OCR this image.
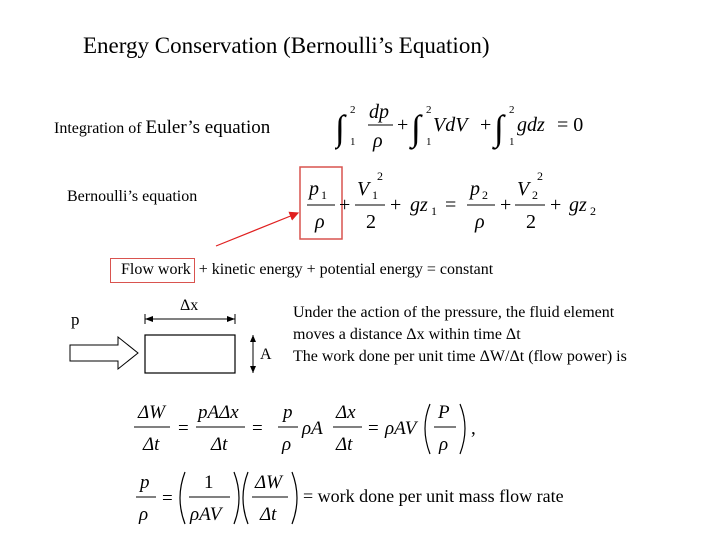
Energy Conservation (Bernoulli’s Equation)
Integration of Euler’s equation ∫ 2
1
dp
ρ
+ ∫ 2
1
VdV + ∫ 2
1
gdz = 0
Bernoulli’s equation	p 1
ρ
+
V 1
2
2
+ gz 1 =
p 2
ρ
+
V 2
2
2
+ gz 2
Flow work + kinetic energy + potential energy = constant
p
Δx
A
Under the action of the pressure, the fluid element
moves a distance Δx within time Δt
The work done per unit time ΔW/Δt (flow power) is
ΔW
Δt
=
pAΔx
Δt
=
p
ρ
ρA
Δx
Δt
= ρAV
P
ρ
,
p
ρ
=
1
ρAV
ΔW
Δt
= work done per unit mass flow rate
